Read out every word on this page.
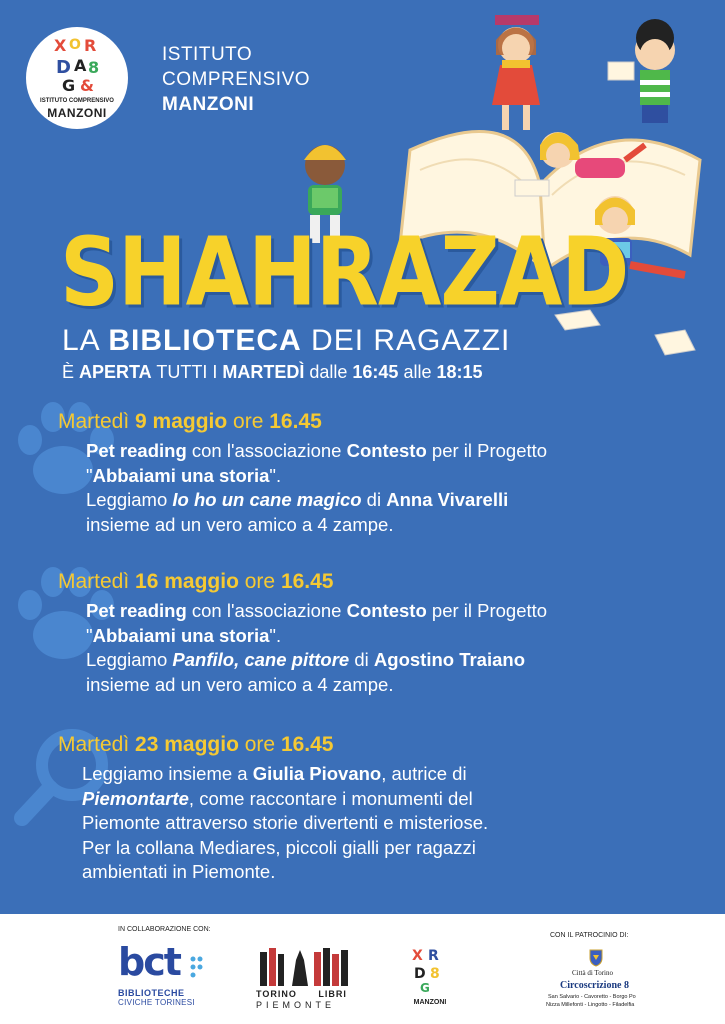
X O R
D A 8
G &
ISTITUTO COMPRENSIVO
MANZONI
ISTITUTO
COMPRENSIVO
MANZONI
SHAHRAZAD
LA BIBLIOTECA DEI RAGAZZI
È APERTA TUTTI I MARTEDÌ dalle 16:45 alle 18:15
Martedì 9 maggio ore 16.45
Pet reading con l'associazione Contesto per il Progetto
"Abbaiami una storia".
Leggiamo Io ho un cane magico di Anna Vivarelli
insieme ad un vero amico a 4 zampe.
Martedì 16 maggio ore 16.45
Pet reading con l'associazione Contesto per il Progetto
"Abbaiami una storia".
Leggiamo Panfilo, cane pittore di Agostino Traiano
insieme ad un vero amico a 4 zampe.
Martedì 23 maggio ore 16.45
Leggiamo insieme a Giulia Piovano, autrice di
Piemontarte, come raccontare i monumenti del
Piemonte attraverso storie divertenti e misteriose.
Per la collana Mediares, piccoli gialli per ragazzi
ambientati in Piemonte.
IN COLLABORAZIONE CON:
bct
BIBLIOTECHE
CIVICHE TORINESI
TORINO LIBRI
PIEMONTE
X R
D 8
G
MANZONI
CON IL PATROCINIO DI:
Città di Torino
Circoscrizione 8
San Salvario - Cavoretto - Borgo Po
Nizza Millefonti - Lingotto - Filadelfia
